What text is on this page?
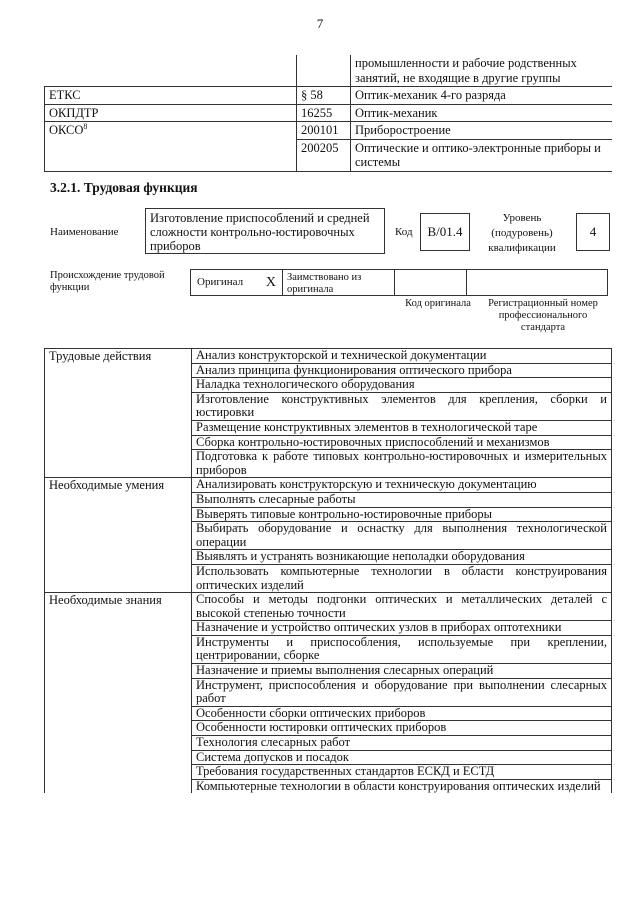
7
		промышленности и рабочие родственных занятий, не входящие в другие группы
ЕТКС	§ 58	Оптик-механик 4-го разряда
ОКПДТР	16255	Оптик-механик
ОКСО$^8$	200101	Приборостроение
	200205	Оптические и оптико-электронные приборы и системы
3.2.1. Трудовая функция
Наименование
Изготовление приспособлений и средней сложности контрольно-юстировочных приборов
Код	B/01.4
Уровень (подуровень) квалификации
4
Происхождение трудовой функции	Оригинал X	Заимствовано из оригинала
Код оригинала	Регистрационный номер профессионального стандарта
Трудовые действия	Анализ конструкторской и технической документации
	Анализ принципа функционирования оптического прибора
	Наладка технологического оборудования
	Изготовление конструктивных элементов для крепления, сборки и юстировки
	Размещение конструктивных элементов в технологической таре
	Сборка контрольно-юстировочных приспособлений и механизмов
	Подготовка к работе типовых контрольно-юстировочных и измерительных приборов
Необходимые умения	Анализировать конструкторскую и техническую документацию
	Выполнять слесарные работы
	Выверять типовые контрольно-юстировочные приборы
	Выбирать оборудование и оснастку для выполнения технологической операции
	Выявлять и устранять возникающие неполадки оборудования
	Использовать компьютерные технологии в области конструирования оптических изделий
Необходимые знания	Способы и методы подгонки оптических и металлических деталей с высокой степенью точности
	Назначение и устройство оптических узлов в приборах оптотехники
	Инструменты и приспособления, используемые при креплении, центрировании, сборке
	Назначение и приемы выполнения слесарных операций
	Инструмент, приспособления и оборудование при выполнении слесарных работ
	Особенности сборки оптических приборов
	Особенности юстировки оптических приборов
	Технология слесарных работ
	Система допусков и посадок
	Требования государственных стандартов ЕСКД и ЕСТД
	Компьютерные технологии в области конструирования оптических изделий
